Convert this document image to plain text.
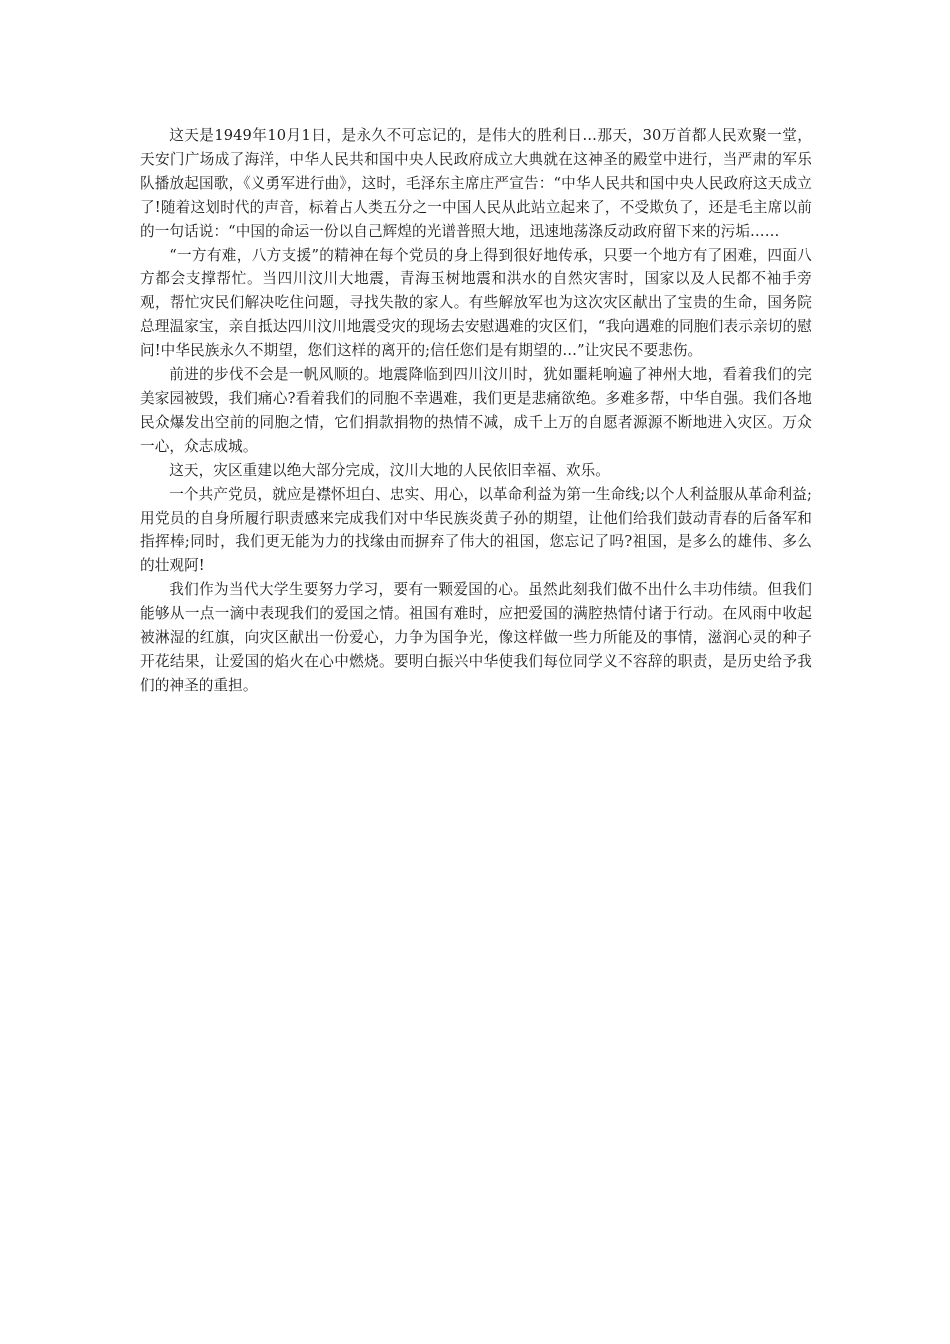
这天是1949年10月1日，是永久不可忘记的，是伟大的胜利日…那天，30万首都人民欢聚一堂，天安门广场成了海洋，中华人民共和国中央人民政府成立大典就在这神圣的殿堂中进行，当严肃的军乐队播放起国歌，《义勇军进行曲》，这时，毛泽东主席庄严宣告：“中华人民共和国中央人民政府这天成立了!随着这划时代的声音，标着占人类五分之一中国人民从此站立起来了，不受欺负了，还是毛主席以前的一句话说：“中国的命运一份以自己辉煌的光谱普照大地，迅速地荡涤反动政府留下来的污垢……

“一方有难，八方支援”的精神在每个党员的身上得到很好地传承，只要一个地方有了困难，四面八方都会支撑帮忙。当四川汶川大地震，青海玉树地震和洪水的自然灾害时，国家以及人民都不袖手旁观，帮忙灾民们解决吃住问题，寻找失散的家人。有些解放军也为这次灾区献出了宝贵的生命，国务院总理温家宝，亲自抵达四川汶川地震受灾的现场去安慰遇难的灾区们，“我向遇难的同胞们表示亲切的慰问!中华民族永久不期望，您们这样的离开的;信任您们是有期望的…”让灾民不要悲伤。

前进的步伐不会是一帆风顺的。地震降临到四川汶川时，犹如噩耗响遍了神州大地，看着我们的完美家园被毁，我们痛心?看着我们的同胞不幸遇难，我们更是悲痛欲绝。多难多帮，中华自强。我们各地民众爆发出空前的同胞之情，它们捐款捐物的热情不减，成千上万的自愿者源源不断地进入灾区。万众一心，众志成城。

这天，灾区重建以绝大部分完成，汶川大地的人民依旧幸福、欢乐。

一个共产党员，就应是襟怀坦白、忠实、用心，以革命利益为第一生命线;以个人利益服从革命利益;用党员的自身所履行职责感来完成我们对中华民族炎黄子孙的期望，让他们给我们鼓动青春的后备军和指挥棒;同时，我们更无能为力的找缘由而摒弃了伟大的祖国，您忘记了吗?祖国，是多么的雄伟、多么的壮观阿!

我们作为当代大学生要努力学习，要有一颗爱国的心。虽然此刻我们做不出什么丰功伟绩。但我们能够从一点一滴中表现我们的爱国之情。祖国有难时，应把爱国的满腔热情付诸于行动。在风雨中收起被淋湿的红旗，向灾区献出一份爱心，力争为国争光，像这样做一些力所能及的事情，滋润心灵的种子开花结果，让爱国的焰火在心中燃烧。要明白振兴中华使我们每位同学义不容辞的职责，是历史给予我们的神圣的重担。
